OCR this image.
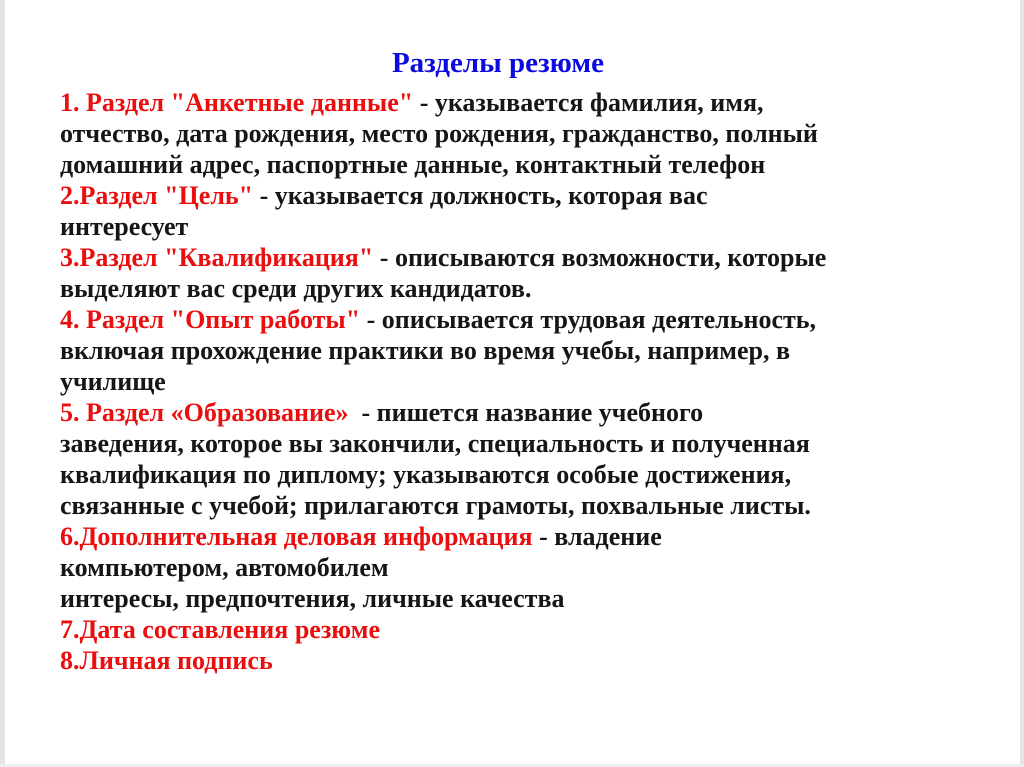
Разделы резюме
1. Раздел "Анкетные данные" - указывается фамилия, имя,
отчество, дата рождения, место рождения, гражданство, полный
домашний адрес, паспортные данные, контактный телефон
2.Раздел "Цель" - указывается должность, которая вас
интересует
3.Раздел "Квалификация" - описываются возможности, которые
выделяют вас среди других кандидатов.
4. Раздел "Опыт работы" - описывается трудовая деятельность,
включая прохождение практики во время учебы, например, в
училище
5. Раздел «Образование»  - пишется название учебного
заведения, которое вы закончили, специальность и полученная
квалификация по диплому; указываются особые достижения,
связанные с учебой; прилагаются грамоты, похвальные листы.
6.Дополнительная деловая информация - владение
компьютером, автомобилем
интересы, предпочтения, личные качества
7.Дата составления резюме
8.Личная подпись
